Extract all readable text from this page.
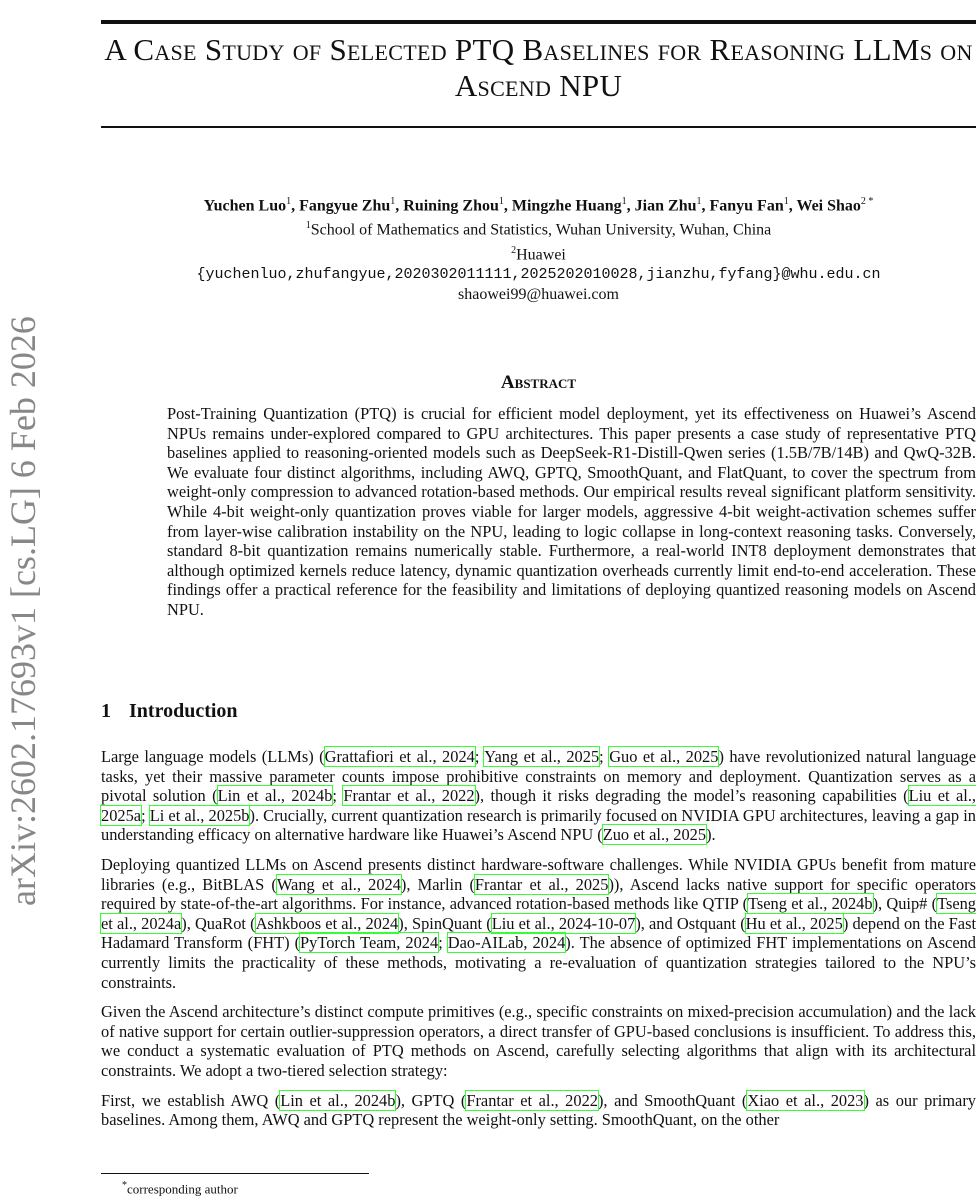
arXiv:2602.17693v1 [cs.LG] 6 Feb 2026
A Case Study of Selected PTQ Baselines for Reasoning LLMs on Ascend NPU
Yuchen Luo$^1$, Fangyue Zhu$^1$, Ruining Zhou$^1$, Mingzhe Huang$^1$, Jian Zhu$^1$, Fanyu Fan$^1$, Wei Shao$^{2 *}$
$^1$School of Mathematics and Statistics, Wuhan University, Wuhan, China
$^2$Huawei
{yuchenluo,zhufangyue,2020302011111,2025202010028,jianzhu,fyfang}@whu.edu.cn
shaowei99@huawei.com
Abstract
Post-Training Quantization (PTQ) is crucial for efficient model deployment, yet its effectiveness on Huawei’s Ascend NPUs remains under-explored compared to GPU architectures. This paper presents a case study of representative PTQ baselines applied to reasoning-oriented models such as DeepSeek-R1-Distill-Qwen series (1.5B/7B/14B) and QwQ-32B. We evaluate four distinct algorithms, including AWQ, GPTQ, SmoothQuant, and FlatQuant, to cover the spectrum from weight-only compression to advanced rotation-based methods. Our empirical results reveal significant platform sensitivity. While 4-bit weight-only quantization proves viable for larger models, aggressive 4-bit weight-activation schemes suffer from layer-wise calibration instability on the NPU, leading to logic collapse in long-context reasoning tasks. Conversely, standard 8-bit quantization remains numerically stable. Furthermore, a real-world INT8 deployment demonstrates that although optimized kernels reduce latency, dynamic quantization overheads currently limit end-to-end acceleration. These findings offer a practical reference for the feasibility and limitations of deploying quantized reasoning models on Ascend NPU.
1 Introduction

Large language models (LLMs) (Grattafiori et al., 2024; Yang et al., 2025; Guo et al., 2025) have revolutionized natural language tasks, yet their massive parameter counts impose prohibitive constraints on memory and deployment. Quantization serves as a pivotal solution (Lin et al., 2024b; Frantar et al., 2022), though it risks degrading the model’s reasoning capabilities (Liu et al., 2025a; Li et al., 2025b). Crucially, current quantization research is primarily focused on NVIDIA GPU architectures, leaving a gap in understanding efficacy on alternative hardware like Huawei’s Ascend NPU (Zuo et al., 2025).

Deploying quantized LLMs on Ascend presents distinct hardware-software challenges. While NVIDIA GPUs benefit from mature libraries (e.g., BitBLAS (Wang et al., 2024), Marlin (Frantar et al., 2025)), Ascend lacks native support for specific operators required by state-of-the-art algorithms. For instance, advanced rotation-based methods like QTIP (Tseng et al., 2024b), Quip# (Tseng et al., 2024a), QuaRot (Ashkboos et al., 2024), SpinQuant (Liu et al., 2024-10-07), and Ostquant (Hu et al., 2025) depend on the Fast Hadamard Transform (FHT) (PyTorch Team, 2024; Dao-AILab, 2024). The absence of optimized FHT implementations on Ascend currently limits the practicality of these methods, motivating a re-evaluation of quantization strategies tailored to the NPU’s constraints.

Given the Ascend architecture’s distinct compute primitives (e.g., specific constraints on mixed-precision accumulation) and the lack of native support for certain outlier-suppression operators, a direct transfer of GPU-based conclusions is insufficient. To address this, we conduct a systematic evaluation of PTQ methods on Ascend, carefully selecting algorithms that align with its architectural constraints. We adopt a two-tiered selection strategy:

First, we establish AWQ (Lin et al., 2024b), GPTQ (Frantar et al., 2022), and SmoothQuant (Xiao et al., 2023) as our primary baselines. Among them, AWQ and GPTQ represent the weight-only setting. SmoothQuant, on the other

*corresponding author
